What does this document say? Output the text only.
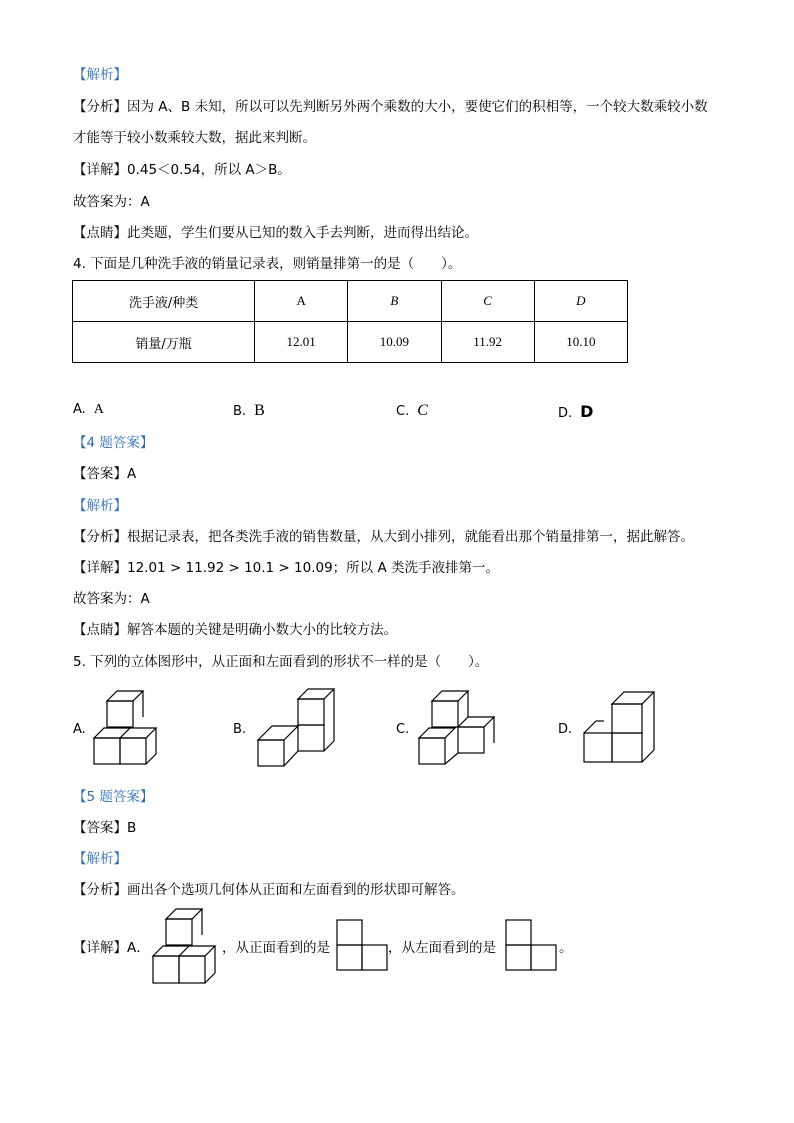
【解析】
【分析】因为 A、B 未知，所以可以先判断另外两个乘数的大小，要使它们的积相等，一个较大数乘较小数
才能等于较小数乘较大数，据此来判断。
【详解】0.45＜0.54，所以 A＞B。
故答案为：A
【点睛】此类题，学生们要从已知的数入手去判断，进而得出结论。
4. 下面是几种洗手液的销量记录表，则销量排第一的是（　　）。
洗手液/种类	A	B	C	D
销量/万瓶	12.01	10.09	11.92	10.10
A. A	B. B	C. C	D. D
【4 题答案】
【答案】A
【解析】
【分析】根据记录表，把各类洗手液的销售数量，从大到小排列，就能看出那个销量排第一，据此解答。
【详解】12.01 > 11.92 > 10.1 > 10.09；所以 A 类洗手液排第一。
故答案为：A
【点睛】解答本题的关键是明确小数大小的比较方法。
5. 下列的立体图形中，从正面和左面看到的形状不一样的是（　　）。
A.	B.	C.	D.
【5 题答案】
【答案】B
【解析】
【分析】画出各个选项几何体从正面和左面看到的形状即可解答。
【详解】A．	，从正面看到的是	，从左面看到的是	。
